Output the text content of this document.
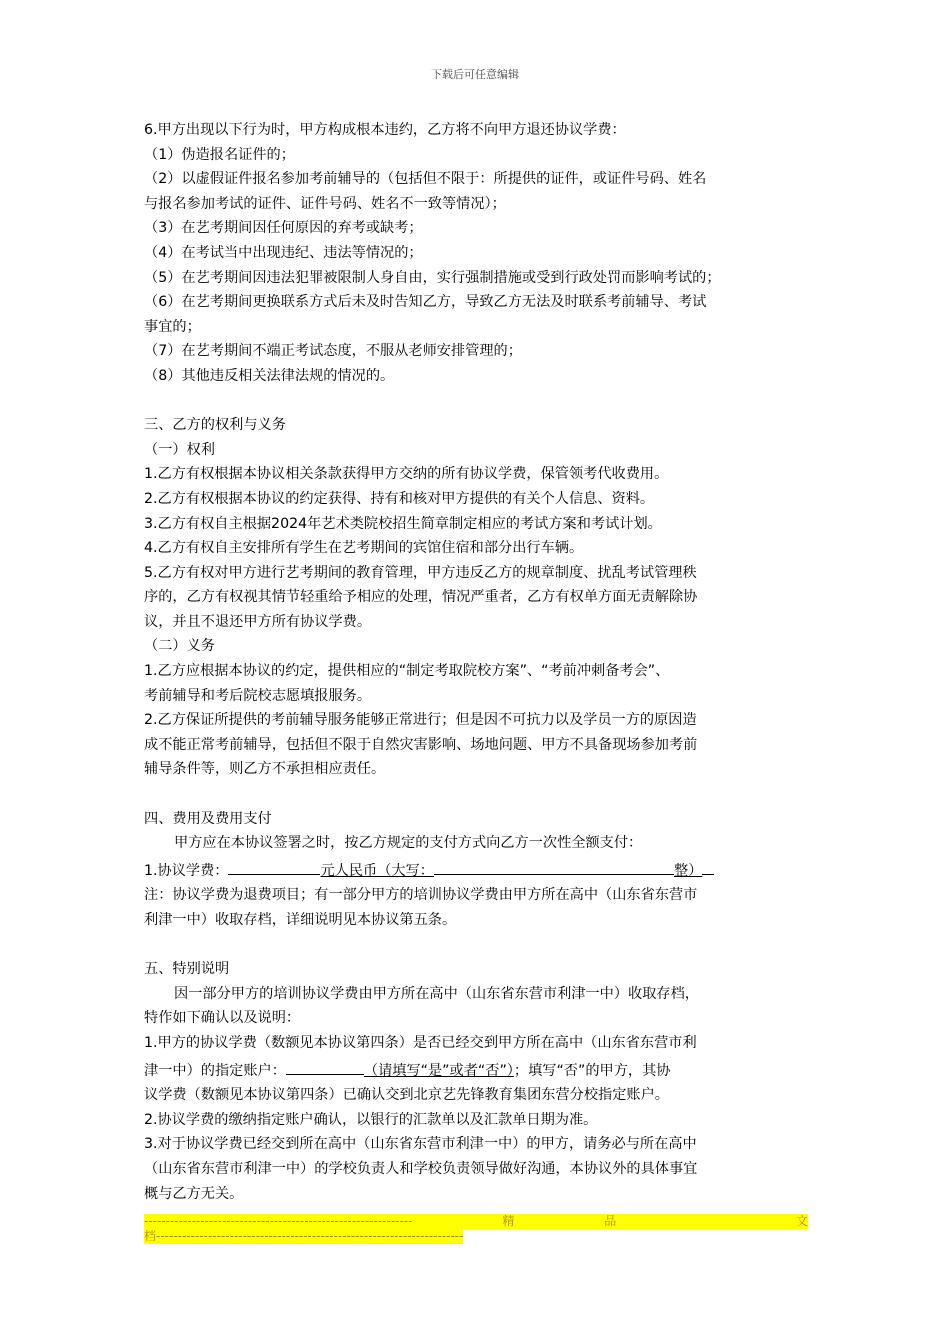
下载后可任意编辑
6.甲方出现以下行为时，甲方构成根本违约，乙方将不向甲方退还协议学费：
（1）伪造报名证件的；
（2）以虚假证件报名参加考前辅导的（包括但不限于：所提供的证件，或证件号码、姓名
与报名参加考试的证件、证件号码、姓名不一致等情况）；
（3）在艺考期间因任何原因的弃考或缺考；
（4）在考试当中出现违纪、违法等情况的；
（5）在艺考期间因违法犯罪被限制人身自由，实行强制措施或受到行政处罚而影响考试的；
（6）在艺考期间更换联系方式后未及时告知乙方，导致乙方无法及时联系考前辅导、考试
事宜的；
（7）在艺考期间不端正考试态度，不服从老师安排管理的；
（8）其他违反相关法律法规的情况的。
三、乙方的权利与义务
（一）权利
1.乙方有权根据本协议相关条款获得甲方交纳的所有协议学费，保管领考代收费用。
2.乙方有权根据本协议的约定获得、持有和核对甲方提供的有关个人信息、资料。
3.乙方有权自主根据2024年艺术类院校招生简章制定相应的考试方案和考试计划。
4.乙方有权自主安排所有学生在艺考期间的宾馆住宿和部分出行车辆。
5.乙方有权对甲方进行艺考期间的教育管理，甲方违反乙方的规章制度、扰乱考试管理秩
序的，乙方有权视其情节轻重给予相应的处理，情况严重者，乙方有权单方面无责解除协
议，并且不退还甲方所有协议学费。
（二）义务
1.乙方应根据本协议的约定，提供相应的“制定考取院校方案”、“考前冲刺备考会”、
考前辅导和考后院校志愿填报服务。
2.乙方保证所提供的考前辅导服务能够正常进行；但是因不可抗力以及学员一方的原因造
成不能正常考前辅导，包括但不限于自然灾害影响、场地问题、甲方不具备现场参加考前
辅导条件等，则乙方不承担相应责任。
四、费用及费用支付
甲方应在本协议签署之时，按乙方规定的支付方式向乙方一次性全额支付：
1.协议学费：	元人民币（大写：	整）
注：协议学费为退费项目；有一部分甲方的培训协议学费由甲方所在高中（山东省东营市
利津一中）收取存档，详细说明见本协议第五条。
五、特别说明
因一部分甲方的培训协议学费由甲方所在高中（山东省东营市利津一中）收取存档，
特作如下确认以及说明：
1.甲方的协议学费（数额见本协议第四条）是否已经交到甲方所在高中（山东省东营市利
津一中）的指定账户：	（请填写“是”或者“否”）；填写“否”的甲方，其协
议学费（数额见本协议第四条）已确认交到北京艺先锋教育集团东营分校指定账户。
2.协议学费的缴纳指定账户确认，以银行的汇款单以及汇款单日期为准。
3.对于协议学费已经交到所在高中（山东省东营市利津一中）的甲方，请务必与所在高中
（山东省东营市利津一中）的学校负责人和学校负责领导做好沟通，本协议外的具体事宜
概与乙方无关。
--------------------------------------------------------------	精	品	文
档-----------------------------------------------------------------------
